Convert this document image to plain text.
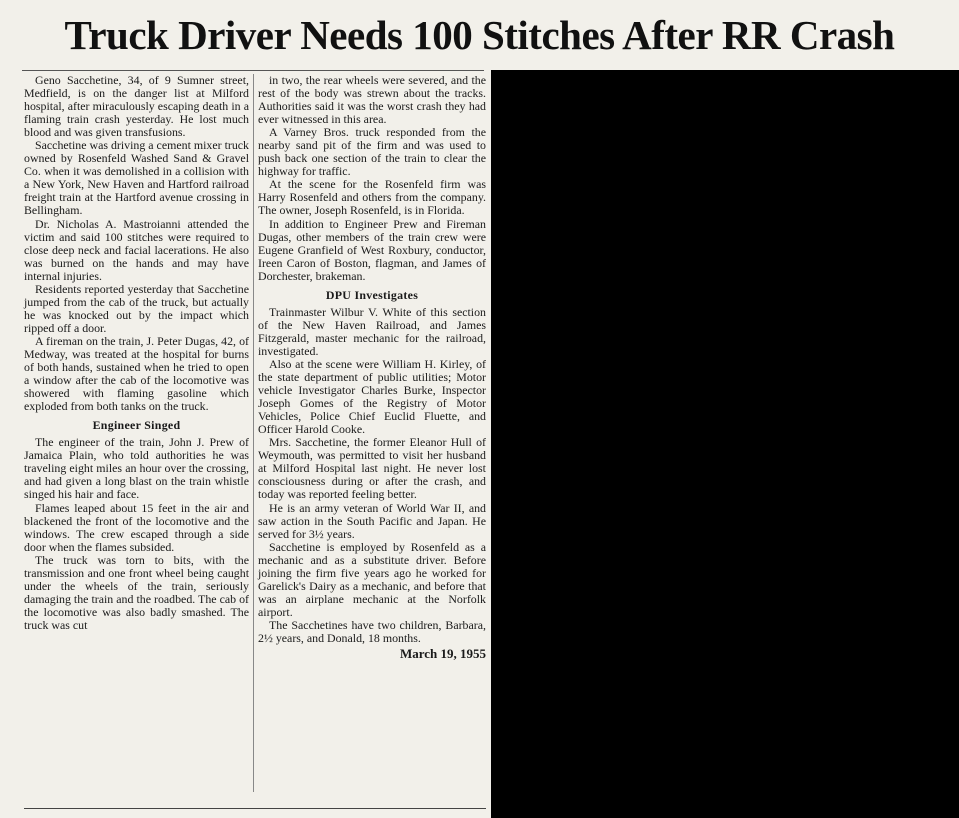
Truck Driver Needs 100 Stitches After RR Crash

Geno Sacchetine, 34, of 9 Sumner street, Medfield, is on the danger list at Milford hospital, after miraculously escaping death in a flaming train crash yesterday. He lost much blood and was given transfusions.

Sacchetine was driving a cement mixer truck owned by Rosenfeld Washed Sand & Gravel Co. when it was demolished in a collision with a New York, New Haven and Hartford railroad freight train at the Hartford avenue crossing in Bellingham.

Dr. Nicholas A. Mastroianni attended the victim and said 100 stitches were required to close deep neck and facial lacerations. He also was burned on the hands and may have internal injuries.

Residents reported yesterday that Sacchetine jumped from the cab of the truck, but actually he was knocked out by the impact which ripped off a door.

A fireman on the train, J. Peter Dugas, 42, of Medway, was treated at the hospital for burns of both hands, sustained when he tried to open a window after the cab of the locomotive was showered with flaming gasoline which exploded from both tanks on the truck.

Engineer Singed

The engineer of the train, John J. Prew of Jamaica Plain, who told authorities he was traveling eight miles an hour over the crossing, and had given a long blast on the train whistle singed his hair and face.

Flames leaped about 15 feet in the air and blackened the front of the locomotive and the windows. The crew escaped through a side door when the flames subsided.

The truck was torn to bits, with the transmission and one front wheel being caught under the wheels of the train, seriously damaging the train and the roadbed. The cab of the locomotive was also badly smashed. The truck was cut

in two, the rear wheels were severed, and the rest of the body was strewn about the tracks. Authorities said it was the worst crash they had ever witnessed in this area.

A Varney Bros. truck responded from the nearby sand pit of the firm and was used to push back one section of the train to clear the highway for traffic.

At the scene for the Rosenfeld firm was Harry Rosenfeld and others from the company. The owner, Joseph Rosenfeld, is in Florida.

In addition to Engineer Prew and Fireman Dugas, other members of the train crew were Eugene Granfield of West Roxbury, conductor, Ireen Caron of Boston, flagman, and James of Dorchester, brakeman.

DPU Investigates

Trainmaster Wilbur V. White of this section of the New Haven Railroad, and James Fitzgerald, master mechanic for the railroad, investigated.

Also at the scene were William H. Kirley, of the state department of public utilities; Motor vehicle Investigator Charles Burke, Inspector Joseph Gomes of the Registry of Motor Vehicles, Police Chief Euclid Fluette, and Officer Harold Cooke.

Mrs. Sacchetine, the former Eleanor Hull of Weymouth, was permitted to visit her husband at Milford Hospital last night. He never lost consciousness during or after the crash, and today was reported feeling better.

He is an army veteran of World War II, and saw action in the South Pacific and Japan. He served for 3½ years.

Sacchetine is employed by Rosenfeld as a mechanic and as a substitute driver. Before joining the firm five years ago he worked for Garelick's Dairy as a mechanic, and before that was an airplane mechanic at the Norfolk airport.

The Sacchetines have two children, Barbara, 2½ years, and Donald, 18 months.

March 19, 1955
